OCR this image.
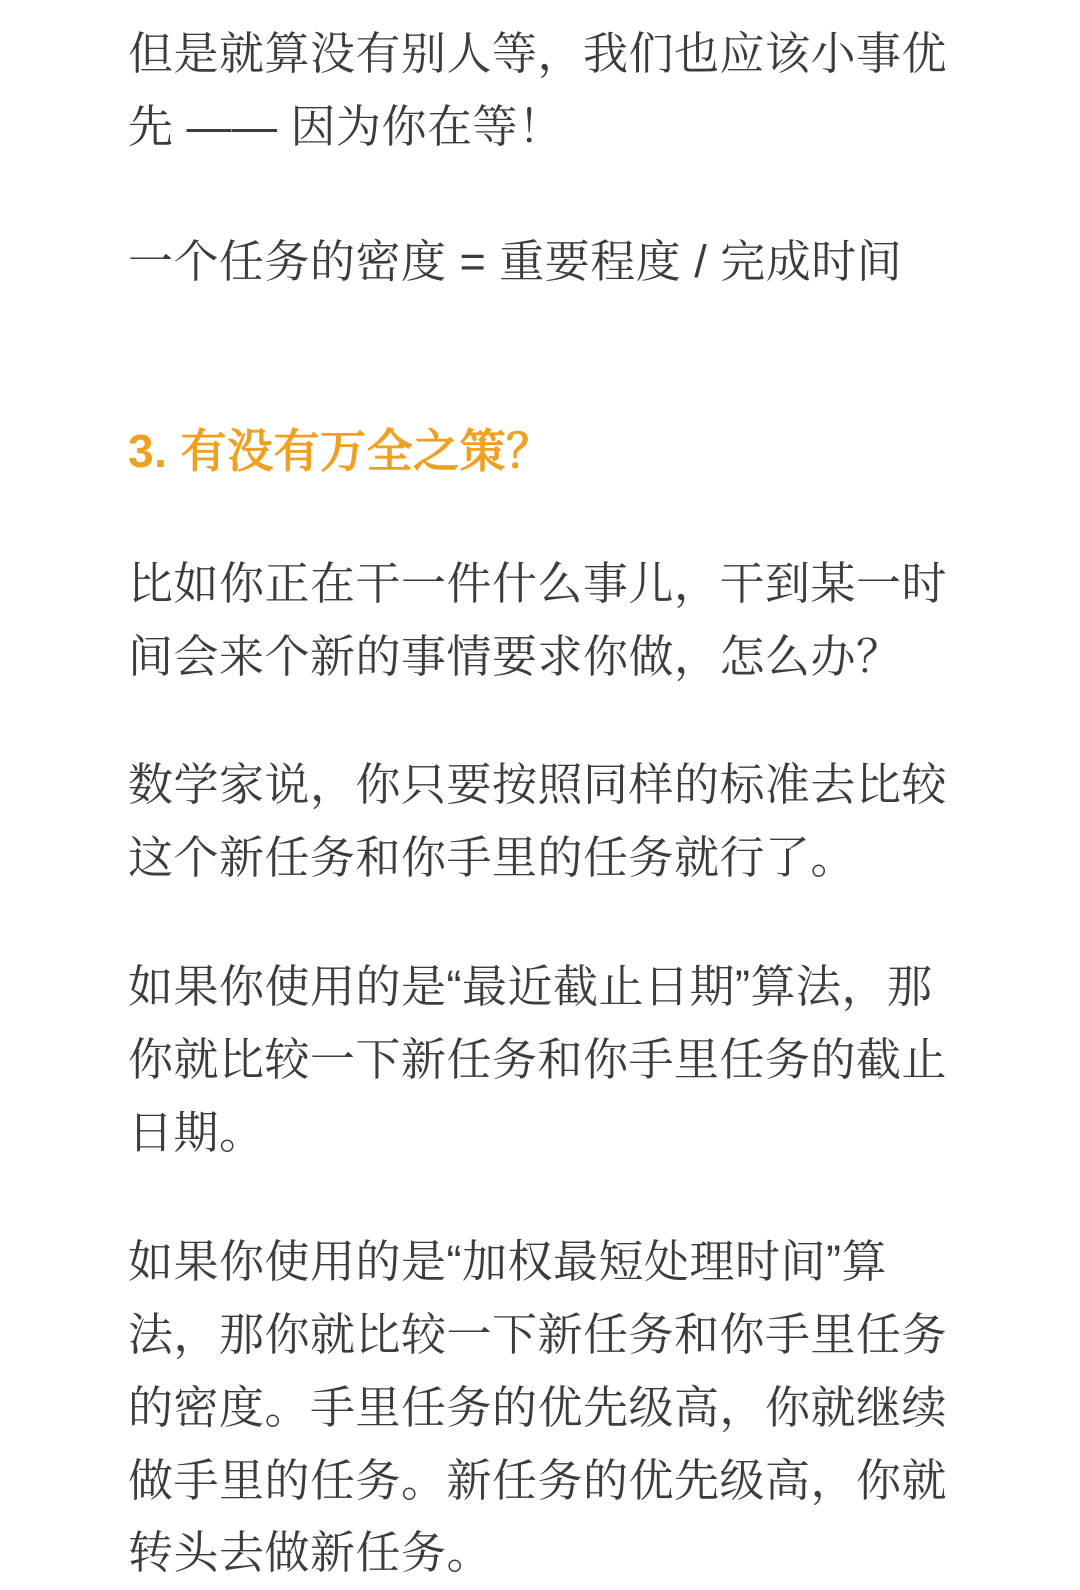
但是就算没有别人等，我们也应该小事优先 —— 因为你在等！

一个任务的密度 = 重要程度 / 完成时间

3. 有没有万全之策？

比如你正在干一件什么事儿，干到某一时间会来个新的事情要求你做，怎么办？

数学家说，你只要按照同样的标准去比较这个新任务和你手里的任务就行了。

如果你使用的是“最近截止日期”算法，那你就比较一下新任务和你手里任务的截止日期。

如果你使用的是“加权最短处理时间”算法，那你就比较一下新任务和你手里任务的密度。手里任务的优先级高，你就继续做手里的任务。新任务的优先级高，你就转头去做新任务。
